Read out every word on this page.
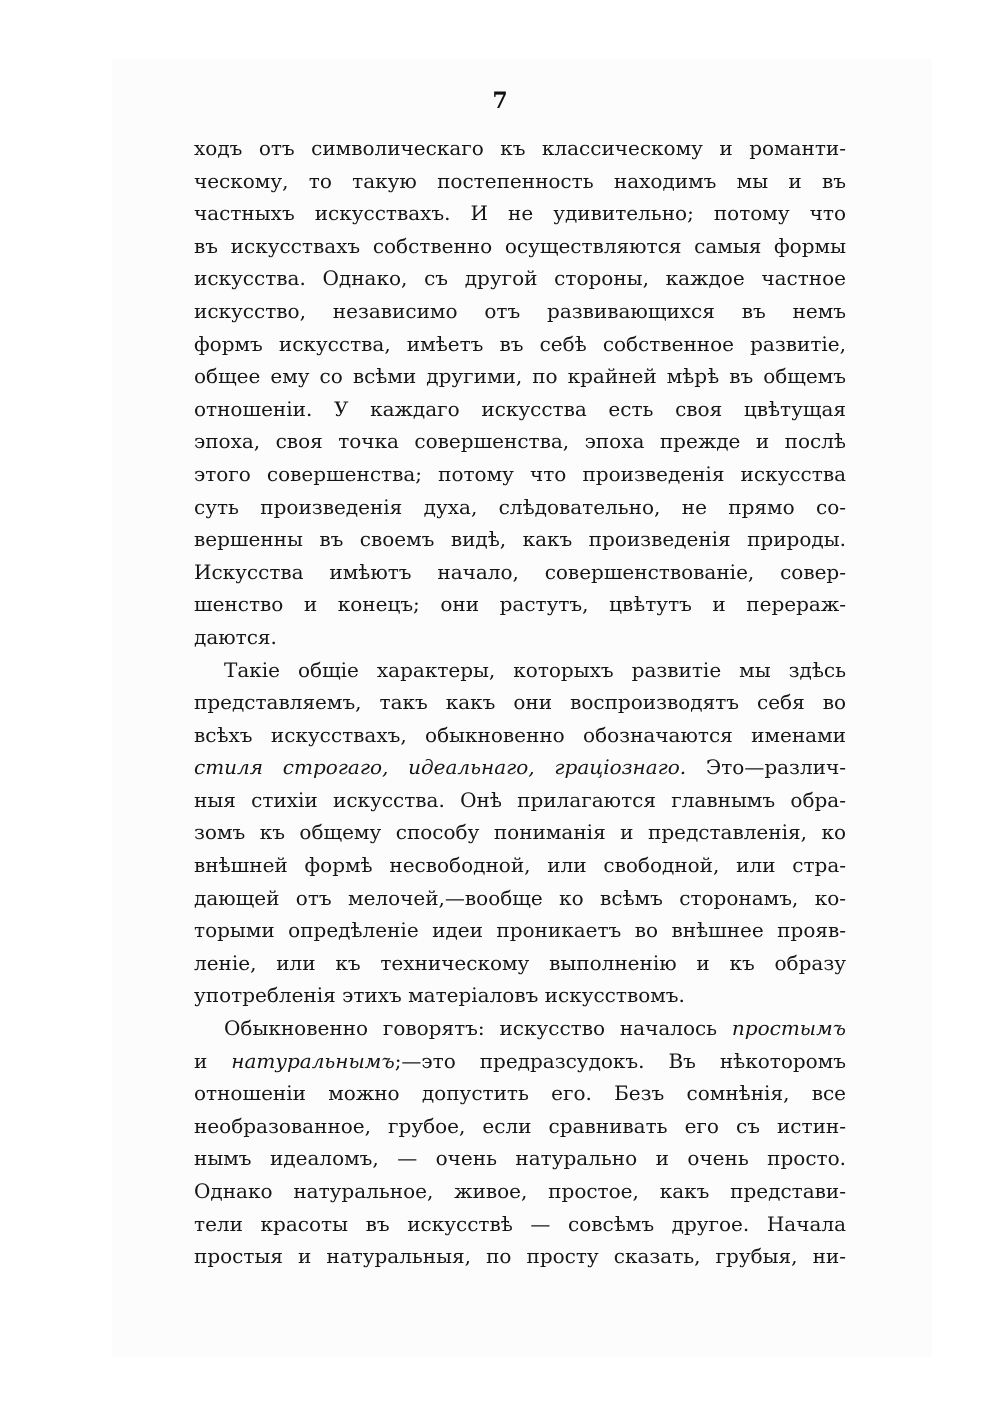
7
ходъ отъ символическаго къ классическому и романти-
ческому, то такую постепенность находимъ мы и въ
частныхъ искусствахъ. И не удивительно; потому что
въ искусствахъ собственно осуществляются самыя формы
искусства. Однако, съ другой стороны, каждое частное
искусство, независимо отъ развивающихся въ немъ
формъ искусства, имѣетъ въ себѣ собственное развитіе,
общее ему со всѣми другими, по крайней мѣрѣ въ общемъ
отношеніи. У каждаго искусства есть своя цвѣтущая
эпоха, своя точка совершенства, эпоха прежде и послѣ
этого совершенства; потому что произведенія искусства
суть произведенія духа, слѣдовательно, не прямо со-
вершенны въ своемъ видѣ, какъ произведенія природы.
Искусства имѣютъ начало, совершенствованіе, совер-
шенство и конецъ; они растутъ, цвѣтутъ и перерaж-
даются.
Такіе общіе характеры, которыхъ развитіе мы здѣсь
представляемъ, такъ какъ они воспроизводятъ себя во
всѣхъ искусствахъ, обыкновенно обозначаются именами
стиля строгаго, идеальнаго, граціознаго. Это—различ-
ныя стихіи искусства. Онѣ прилагаются главнымъ обра-
зомъ къ общему способу пониманія и представленія, ко
внѣшней формѣ несвободной, или свободной, или стра-
дающей отъ мелочей,—вообще ко всѣмъ сторонамъ, ко-
торыми опредѣленіе идеи проникаетъ во внѣшнее прояв-
леніе, или къ техническому выполненію и къ образу
употребленія этихъ матеріаловъ искусствомъ.
Обыкновенно говорятъ: искусство началось простымъ
и натуральнымъ;—это предразсудокъ. Въ нѣкоторомъ
отношеніи можно допустить его. Безъ сомнѣнія, все
необразованное, грубое, если сравнивать его съ истин-
нымъ идеаломъ, — очень натурально и очень просто.
Однако натуральное, живое, простое, какъ представи-
тели красоты въ искусствѣ — совсѣмъ другое. Начала
простыя и натуральныя, по просту сказать, грубыя, ни-
